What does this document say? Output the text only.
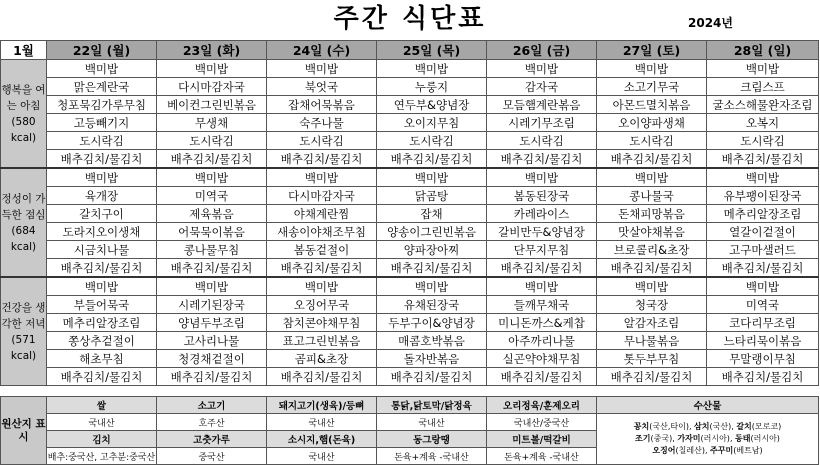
주간 식단표	2024년
1월	22일 (월)	23일 (화)	24일 (수)	25일 (목)	26일 (금)	27일 (토)	28일 (일)
행복을 여는 아침 (580 kcal)	백미밥	백미밥	백미밥	백미밥	백미밥	백미밥	백미밥
	맑은계란국	다시마감자국	북엇국	누룽지	감자국	소고기무국	크림스프
	청포묵김가루무침	베이컨그린빈볶음	잡채어묵볶음	연두부&양념장	모듬햄계란볶음	아몬드멸치볶음	굴소스해물완자조림
	고등빼기지	무생채	숙주나물	오이지무침	시레기무조림	오이양파생채	오복지
	도시락김	도시락김	도시락김	도시락김	도시락김	도시락김	도시락김
	배추김치/물김치	배추김치/물김치	배추김치/물김치	배추김치/물김치	배추김치/물김치	배추김치/물김치	배추김치/물김치
정성이 가득한 점심 (684 kcal)	백미밥	백미밥	백미밥	백미밥	백미밥	백미밥	백미밥
	육개장	미역국	다시마감자국	닭곰탕	봄동된장국	콩나물국	유부팽이된장국
	갈치구이	제육볶음	야채계란찜	잡채	카레라이스	돈채피망볶음	메추리알장조림
	도라지오이생채	어묵묵이볶음	새송이야채조무침	양송이그린빈볶음	갈비만두&양념장	맛살야채볶음	열갈이겉절이
	시금치나물	콩나물무침	봄동겉절이	양파장아찌	단무지무침	브로콜리&초장	고구마샐러드
	배추김치/물김치	배추김치/물김치	배추김치/물김치	배추김치/물김치	배추김치/물김치	배추김치/물김치	배추김치/물김치
건강을 생각한 저녁 (571 kcal)	백미밥	백미밥	백미밥	백미밥	백미밥	백미밥	백미밥
	부들어묵국	시레기된장국	오징어무국	유채된장국	들깨무채국	청국장	미역국
	메추리알장조림	양념두부조림	참치콘야채무침	두부구이&양념장	미니돈까스&케찹	알감자조림	코다리무조림
	쫑상추겉절이	고사리나물	표고그린빈볶음	매콤호박볶음	아주까리나물	무나물볶음	느타리묵이볶음
	해초무침	청경채겉절이	곰피&초장	돌자반볶음	실곤약야채무침	톳두부무침	무말랭이무침
	배추김치/물김치	배추김치/물김치	배추김치/물김치	배추김치/물김치	배추김치/물김치	배추김치/물김치	배추김치/물김치
원산지 표시	쌀	소고기	돼지고기(생육)/등뼈	통닭,닭토막/닭정육	오리정육/훈제오리	수산물
	국내산	호주산	국내산	국내산	국내산/중국산	꽁치(국산,타이), 삼치(국산), 갈치(모로코)
조기(중국), 가자미(러시아), 동태(러시아)
오징어(칠레산), 주꾸미(베트남)
	김치	고춧가루	소시지,햄(돈육)	동그랑땡	미트볼/떡갈비	
	배추:중국산, 고추분:중국산	중국산	국내산	돈육+계육 -국내산	돈육+계육 -국내산	
